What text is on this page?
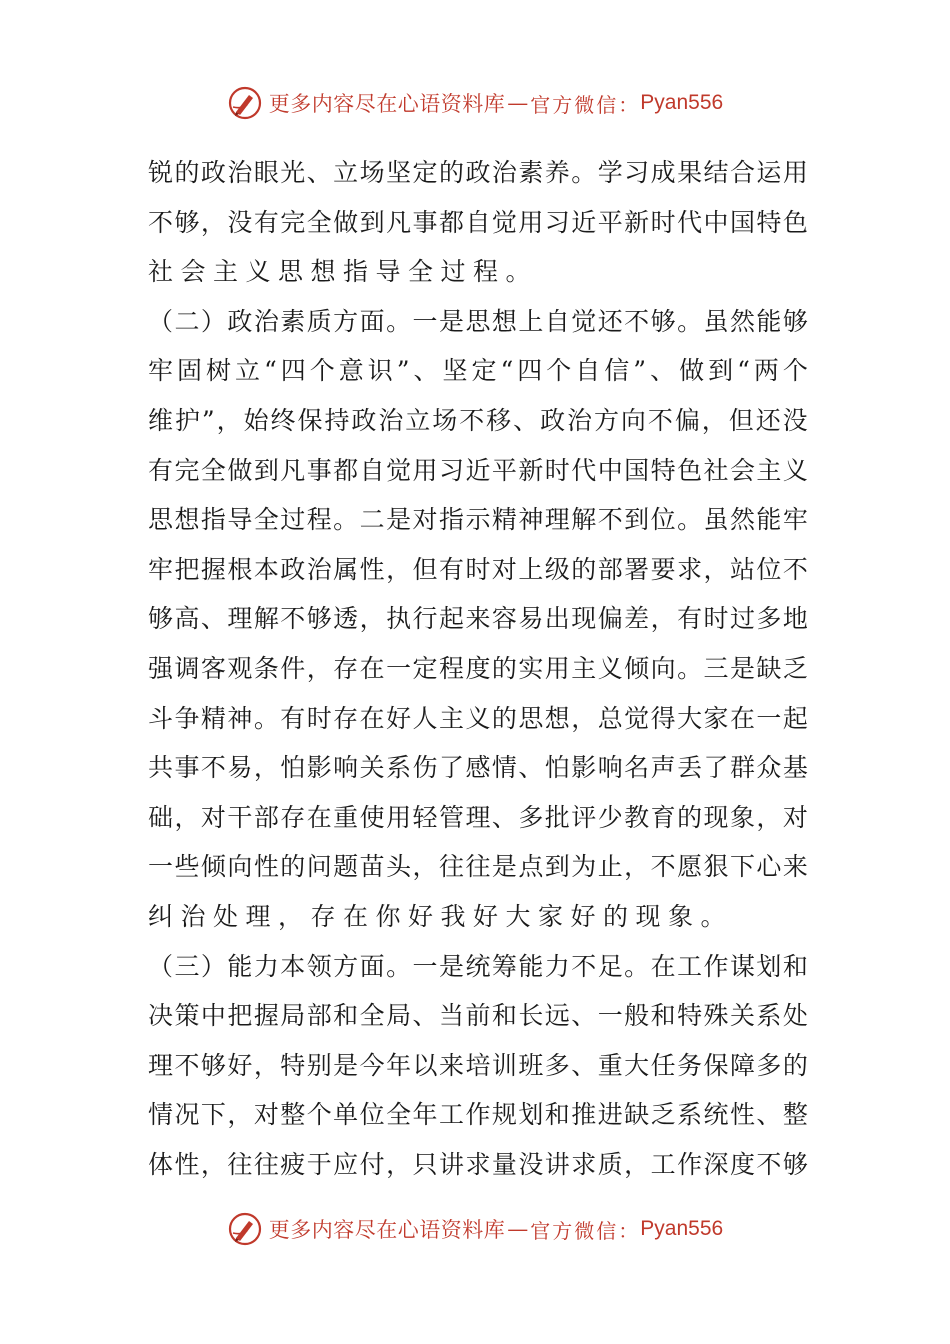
更多内容尽在心语资料库 — 官方微信： Pyan556
锐 的 政 治 眼 光 、 立 场 坚 定 的 政 治 素 养 。 学 习 成 果 结 合 运 用
不 够 ， 没 有 完 全 做 到 凡 事 都 自 觉 用 习 近 平 新 时 代 中 国 特 色
社会主义思想指导全过程。
（ 二 ） 政 治 素 质 方 面 。 一 是 思 想 上 自 觉 还 不 够 。 虽 然 能 够
牢 固 树 立 “ 四 个 意 识 ” 、 坚 定 “ 四 个 自 信 ” 、 做 到 “ 两 个
维 护 ” ， 始 终 保 持 政 治 立 场 不 移 、 政 治 方 向 不 偏 ， 但 还 没
有 完 全 做 到 凡 事 都 自 觉 用 习 近 平 新 时 代 中 国 特 色 社 会 主 义
思 想 指 导 全 过 程 。 二 是 对 指 示 精 神 理 解 不 到 位 。 虽 然 能 牢
牢 把 握 根 本 政 治 属 性 ， 但 有 时 对 上 级 的 部 署 要 求 ， 站 位 不
够 高 、 理 解 不 够 透 ， 执 行 起 来 容 易 出 现 偏 差 ， 有 时 过 多 地
强 调 客 观 条 件 ， 存 在 一 定 程 度 的 实 用 主 义 倾 向 。 三 是 缺 乏
斗 争 精 神 。 有 时 存 在 好 人 主 义 的 思 想 ， 总 觉 得 大 家 在 一 起
共 事 不 易 ， 怕 影 响 关 系 伤 了 感 情 、 怕 影 响 名 声 丢 了 群 众 基
础 ， 对 干 部 存 在 重 使 用 轻 管 理 、 多 批 评 少 教 育 的 现 象 ， 对
一 些 倾 向 性 的 问 题 苗 头 ， 往 往 是 点 到 为 止 ， 不 愿 狠 下 心 来
纠治处理，存在你好我好大家好的现象。
（ 三 ） 能 力 本 领 方 面 。 一 是 统 筹 能 力 不 足 。 在 工 作 谋 划 和
决 策 中 把 握 局 部 和 全 局 、 当 前 和 长 远 、 一 般 和 特 殊 关 系 处
理 不 够 好 ， 特 别 是 今 年 以 来 培 训 班 多 、 重 大 任 务 保 障 多 的
情 况 下 ， 对 整 个 单 位 全 年 工 作 规 划 和 推 进 缺 乏 系 统 性 、 整
体 性 ， 往 往 疲 于 应 付 ， 只 讲 求 量 没 讲 求 质 ， 工 作 深 度 不 够
更多内容尽在心语资料库 — 官方微信： Pyan556
